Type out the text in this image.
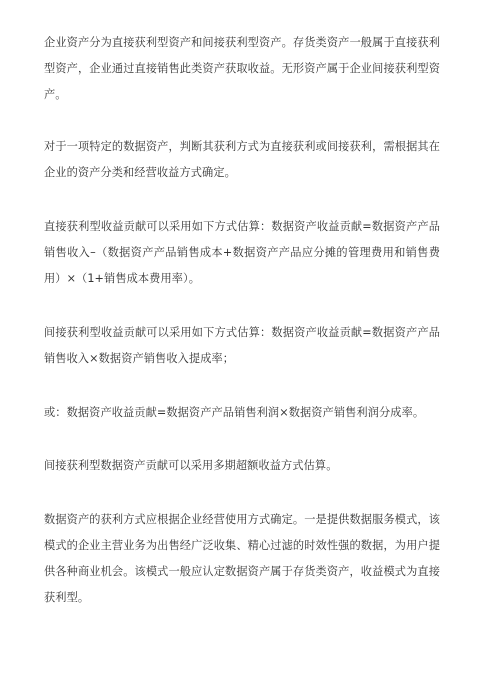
企业资产分为直接获利型资产和间接获利型资产。存货类资产一般属于直接获利型资产，企业通过直接销售此类资产获取收益。无形资产属于企业间接获利型资产。

对于一项特定的数据资产，判断其获利方式为直接获利或间接获利，需根据其在企业的资产分类和经营收益方式确定。

直接获利型收益贡献可以采用如下方式估算：数据资产收益贡献=数据资产产品销售收入–（数据资产产品销售成本+数据资产产品应分摊的管理费用和销售费用）×（1+销售成本费用率）。

间接获利型收益贡献可以采用如下方式估算：数据资产收益贡献=数据资产产品销售收入×数据资产销售收入提成率；

或：数据资产收益贡献=数据资产产品销售利润×数据资产销售利润分成率。

间接获利型数据资产贡献可以采用多期超额收益方式估算。

数据资产的获利方式应根据企业经营使用方式确定。一是提供数据服务模式，该模式的企业主营业务为出售经广泛收集、精心过滤的时效性强的数据，为用户提供各种商业机会。该模式一般应认定数据资产属于存货类资产，收益模式为直接获利型。
